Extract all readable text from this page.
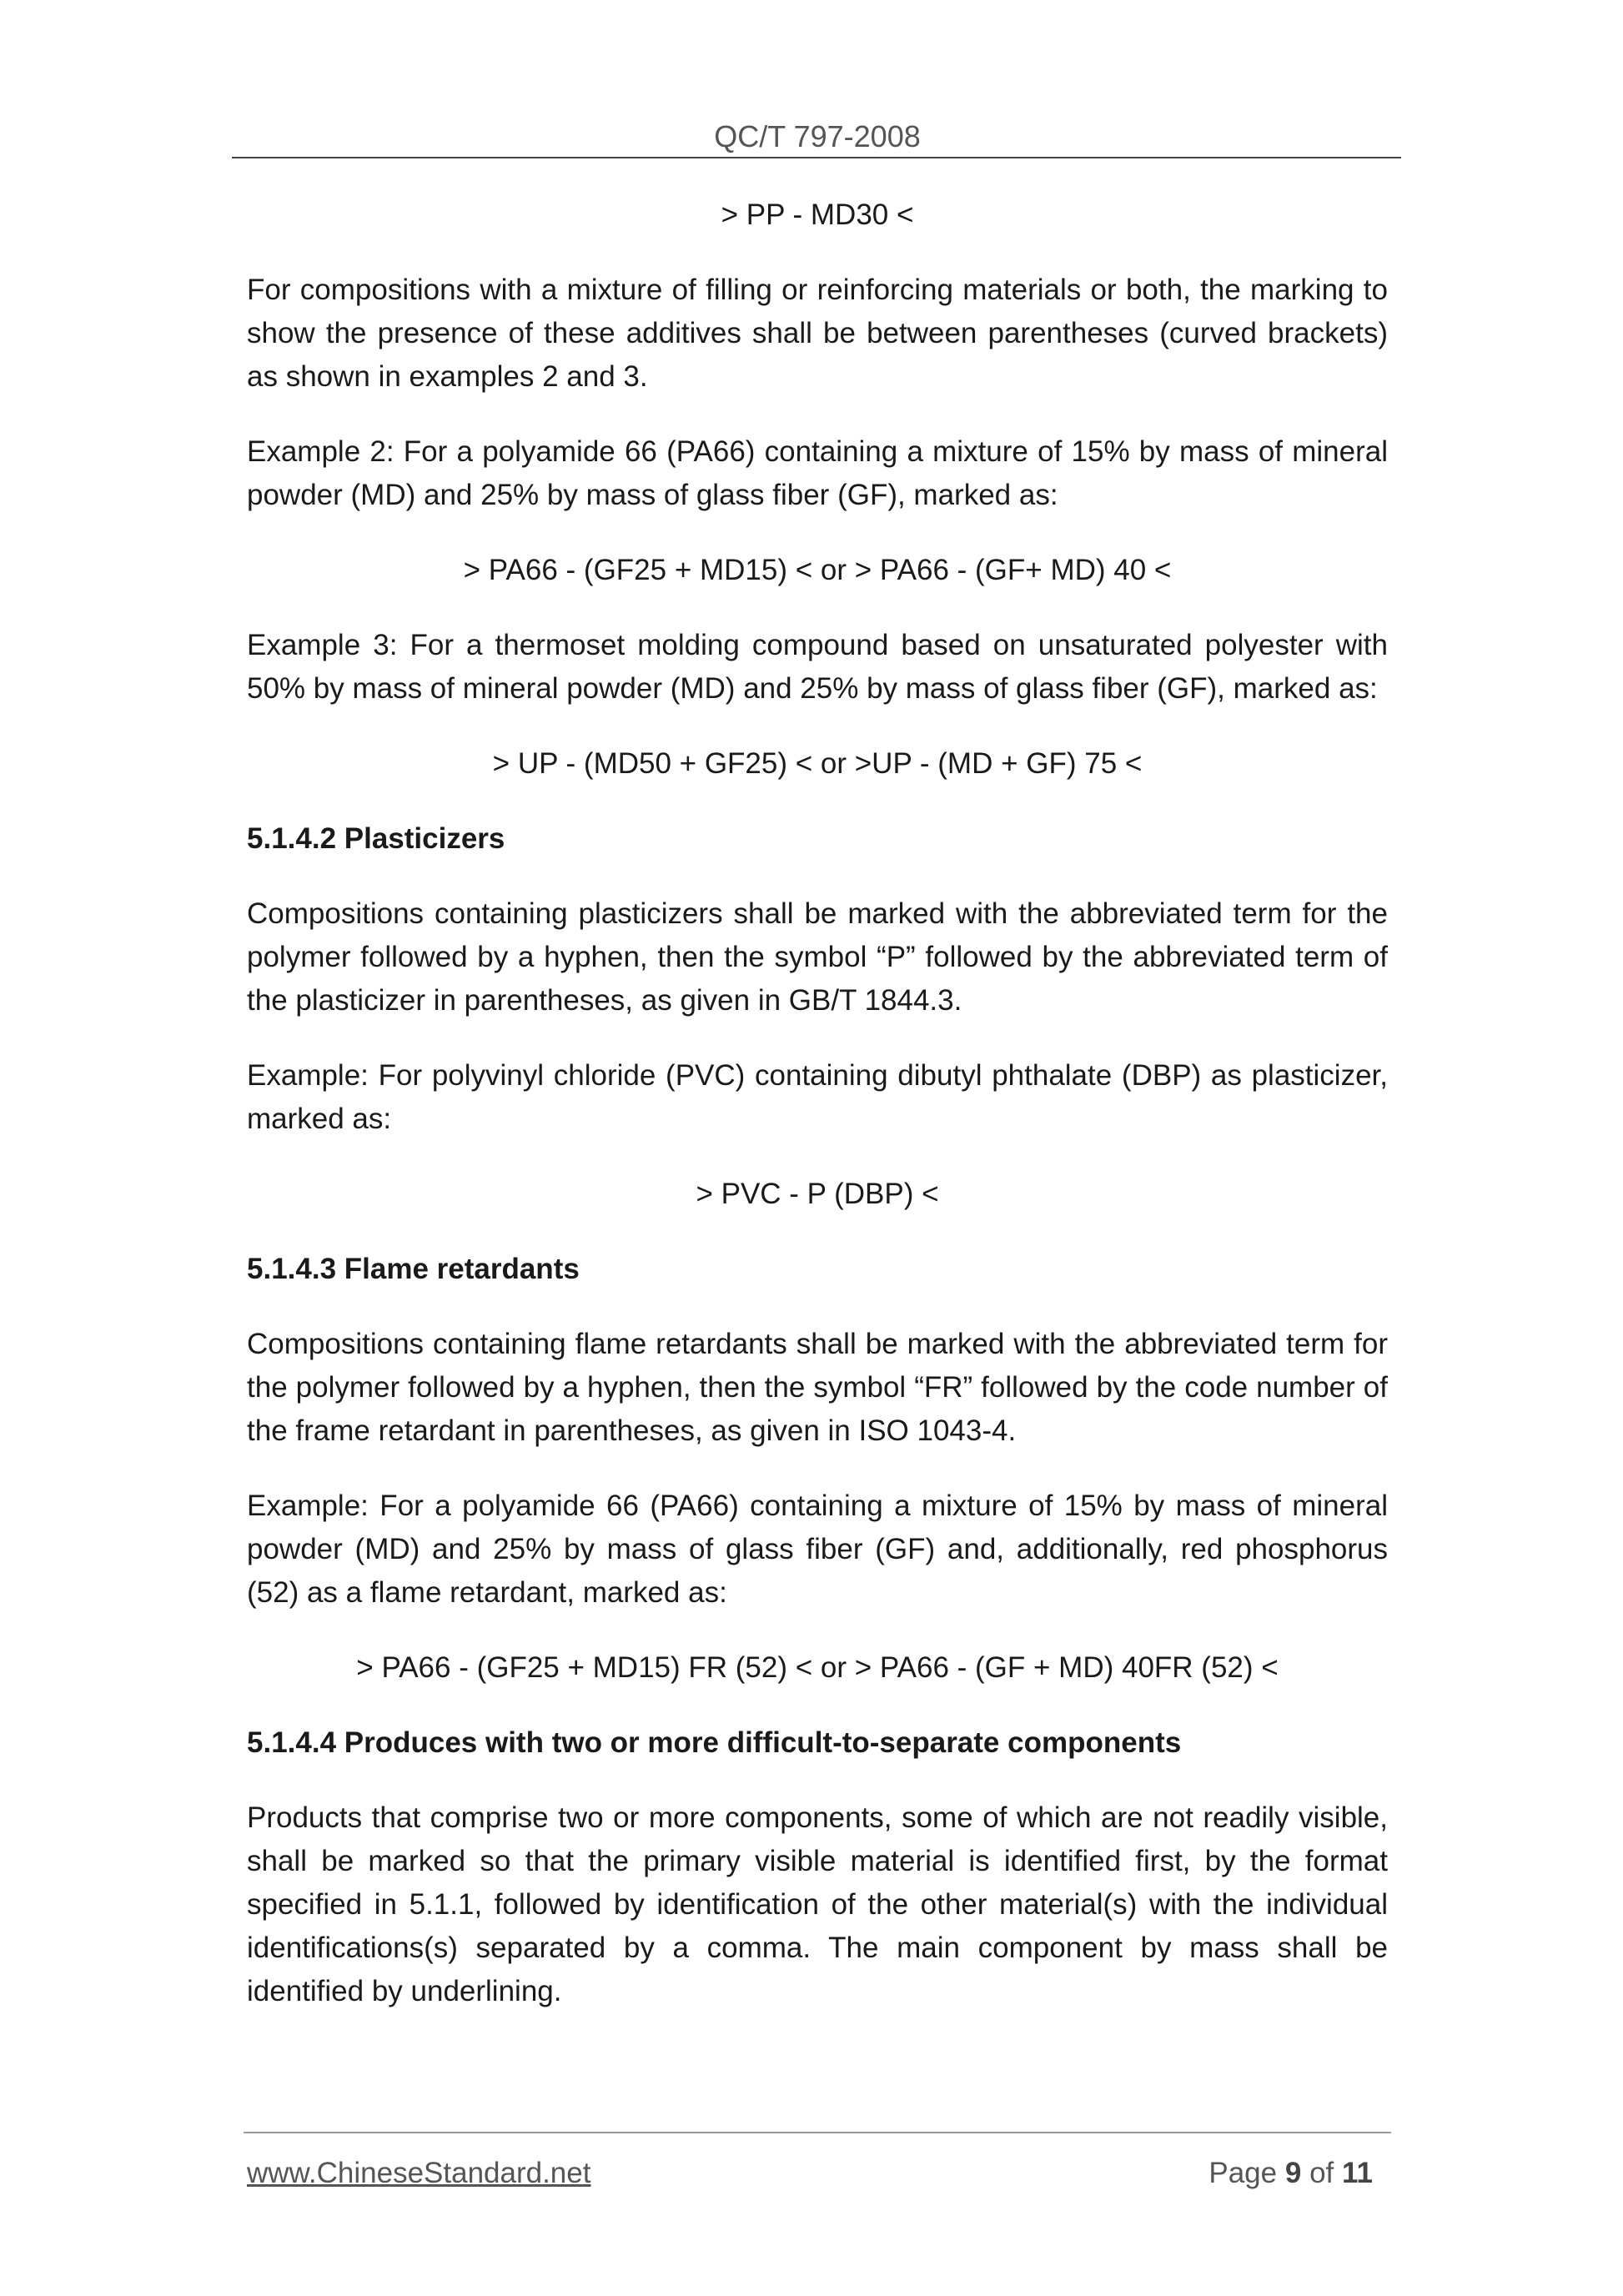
QC/T 797-2008

> PP - MD30 <

For compositions with a mixture of filling or reinforcing materials or both, the marking to show the presence of these additives shall be between parentheses (curved brackets) as shown in examples 2 and 3.

Example 2: For a polyamide 66 (PA66) containing a mixture of 15% by mass of mineral powder (MD) and 25% by mass of glass fiber (GF), marked as:

> PA66 - (GF25 + MD15) < or > PA66 - (GF+ MD) 40 <

Example 3: For a thermoset molding compound based on unsaturated polyester with 50% by mass of mineral powder (MD) and 25% by mass of glass fiber (GF), marked as:

> UP - (MD50 + GF25) < or >UP - (MD + GF) 75 <

5.1.4.2 Plasticizers

Compositions containing plasticizers shall be marked with the abbreviated term for the polymer followed by a hyphen, then the symbol “P” followed by the abbreviated term of the plasticizer in parentheses, as given in GB/T 1844.3.

Example: For polyvinyl chloride (PVC) containing dibutyl phthalate (DBP) as plasticizer, marked as:

> PVC - P (DBP) <

5.1.4.3 Flame retardants

Compositions containing flame retardants shall be marked with the abbreviated term for the polymer followed by a hyphen, then the symbol “FR” followed by the code number of the frame retardant in parentheses, as given in ISO 1043-4.

Example: For a polyamide 66 (PA66) containing a mixture of 15% by mass of mineral powder (MD) and 25% by mass of glass fiber (GF) and, additionally, red phosphorus (52) as a flame retardant, marked as:

> PA66 - (GF25 + MD15) FR (52) < or > PA66 - (GF + MD) 40FR (52) <

5.1.4.4 Produces with two or more difficult-to-separate components

Products that comprise two or more components, some of which are not readily visible, shall be marked so that the primary visible material is identified first, by the format specified in 5.1.1, followed by identification of the other material(s) with the individual identifications(s) separated by a comma. The main component by mass shall be identified by underlining.

www.ChineseStandard.net	Page 9 of 11
